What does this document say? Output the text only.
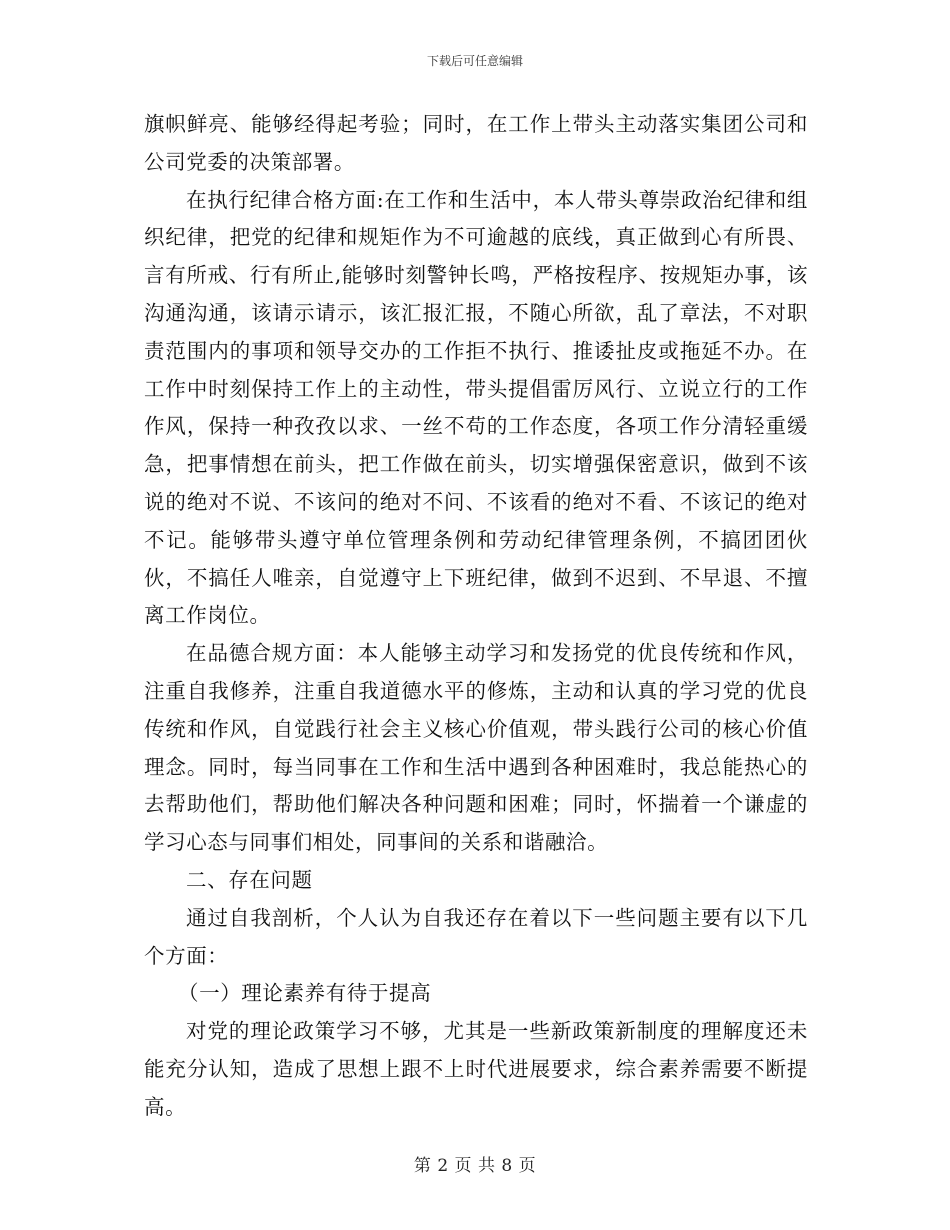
下载后可任意编辑

旗帜鲜亮、能够经得起考验；同时，在工作上带头主动落实集团公司和公司党委的决策部署。

在执行纪律合格方面:在工作和生活中，本人带头尊崇政治纪律和组织纪律，把党的纪律和规矩作为不可逾越的底线，真正做到心有所畏、言有所戒、行有所止,能够时刻警钟长鸣，严格按程序、按规矩办事，该沟通沟通，该请示请示，该汇报汇报，不随心所欲，乱了章法，不对职责范围内的事项和领导交办的工作拒不执行、推诿扯皮或拖延不办。在工作中时刻保持工作上的主动性，带头提倡雷厉风行、立说立行的工作作风，保持一种孜孜以求、一丝不苟的工作态度，各项工作分清轻重缓急，把事情想在前头，把工作做在前头，切实增强保密意识，做到不该说的绝对不说、不该问的绝对不问、不该看的绝对不看、不该记的绝对不记。能够带头遵守单位管理条例和劳动纪律管理条例，不搞团团伙伙，不搞任人唯亲，自觉遵守上下班纪律，做到不迟到、不早退、不擅离工作岗位。

在品德合规方面：本人能够主动学习和发扬党的优良传统和作风，注重自我修养，注重自我道德水平的修炼，主动和认真的学习党的优良传统和作风，自觉践行社会主义核心价值观，带头践行公司的核心价值理念。同时，每当同事在工作和生活中遇到各种困难时，我总能热心的去帮助他们，帮助他们解决各种问题和困难；同时，怀揣着一个谦虚的学习心态与同事们相处，同事间的关系和谐融洽。

二、存在问题

通过自我剖析，个人认为自我还存在着以下一些问题主要有以下几个方面：

（一）理论素养有待于提高

对党的理论政策学习不够，尤其是一些新政策新制度的理解度还未能充分认知，造成了思想上跟不上时代进展要求，综合素养需要不断提高。

第 2 页 共 8 页
